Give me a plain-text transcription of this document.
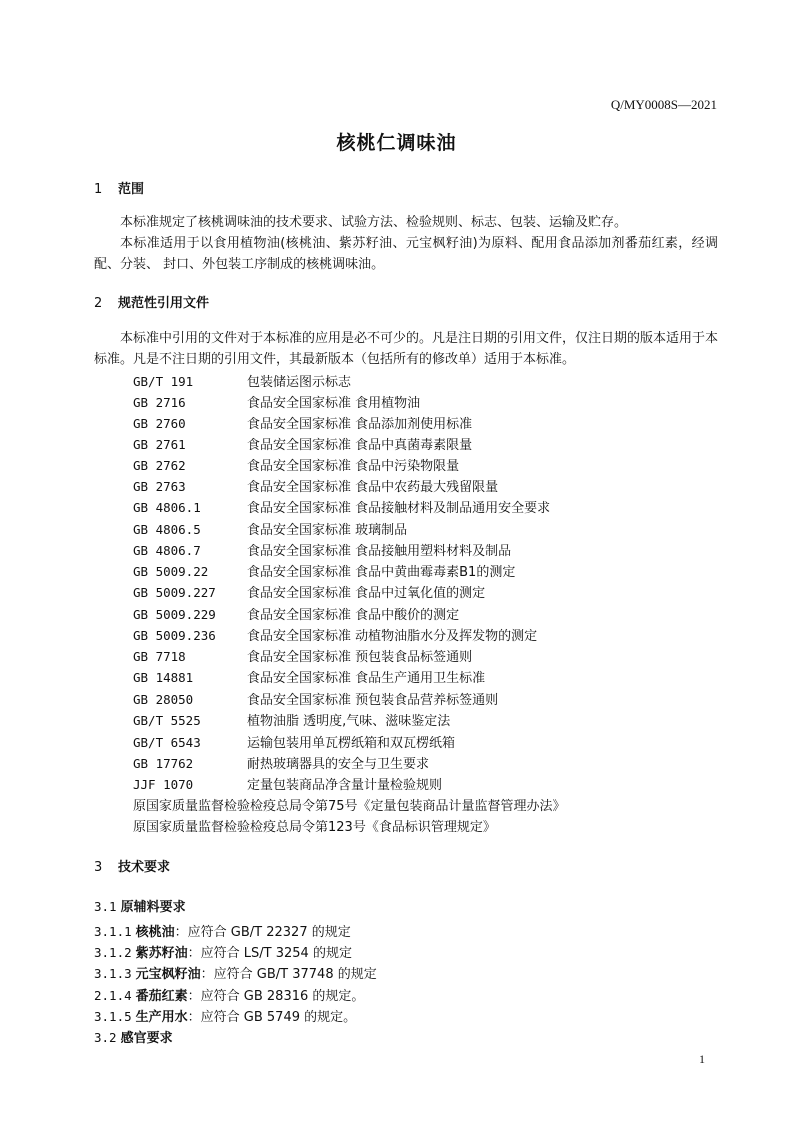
Q/MY0008S—2021
核桃仁调味油
1 范围
本标准规定了核桃调味油的技术要求、试验方法、检验规则、标志、包装、运输及贮存。
本标准适用于以食用植物油(核桃油、紫苏籽油、元宝枫籽油)为原料、配用食品添加剂番茄红素，经调配、分装、 封口、外包装工序制成的核桃调味油。
2 规范性引用文件
本标准中引用的文件对于本标准的应用是必不可少的。凡是注日期的引用文件，仅注日期的版本适用于本标准。凡是不注日期的引用文件，其最新版本（包括所有的修改单）适用于本标准。
GB/T 191	包装储运图示标志
GB 2716	食品安全国家标准 食用植物油
GB 2760	食品安全国家标准 食品添加剂使用标准
GB 2761	食品安全国家标准 食品中真菌毒素限量
GB 2762	食品安全国家标准 食品中污染物限量
GB 2763	食品安全国家标准 食品中农药最大残留限量
GB 4806.1	食品安全国家标准 食品接触材料及制品通用安全要求
GB 4806.5	食品安全国家标准 玻璃制品
GB 4806.7	食品安全国家标准 食品接触用塑料材料及制品
GB 5009.22	食品安全国家标准 食品中黄曲霉毒素B1的测定
GB 5009.227 食品安全国家标准 食品中过氧化值的测定
GB 5009.229 食品安全国家标准 食品中酸价的测定
GB 5009.236 食品安全国家标准 动植物油脂水分及挥发物的测定
GB 7718	食品安全国家标准 预包装食品标签通则
GB 14881	食品安全国家标准 食品生产通用卫生标准
GB 28050	食品安全国家标准 预包装食品营养标签通则
GB/T 5525	植物油脂 透明度,气味、滋味鉴定法
GB/T 6543	运输包装用单瓦楞纸箱和双瓦楞纸箱
GB 17762	耐热玻璃器具的安全与卫生要求
JJF 1070	定量包装商品净含量计量检验规则
原国家质量监督检验检疫总局令第75号《定量包装商品计量监督管理办法》
原国家质量监督检验检疫总局令第123号《食品标识管理规定》
3 技术要求
3.1 原辅料要求
3.1.1 核桃油：应符合 GB/T 22327 的规定
3.1.2 紫苏籽油：应符合 LS/T 3254 的规定
3.1.3 元宝枫籽油：应符合 GB/T 37748 的规定
2.1.4 番茄红素：应符合 GB 28316 的规定。
3.1.5 生产用水：应符合 GB 5749 的规定。
3.2 感官要求
1
